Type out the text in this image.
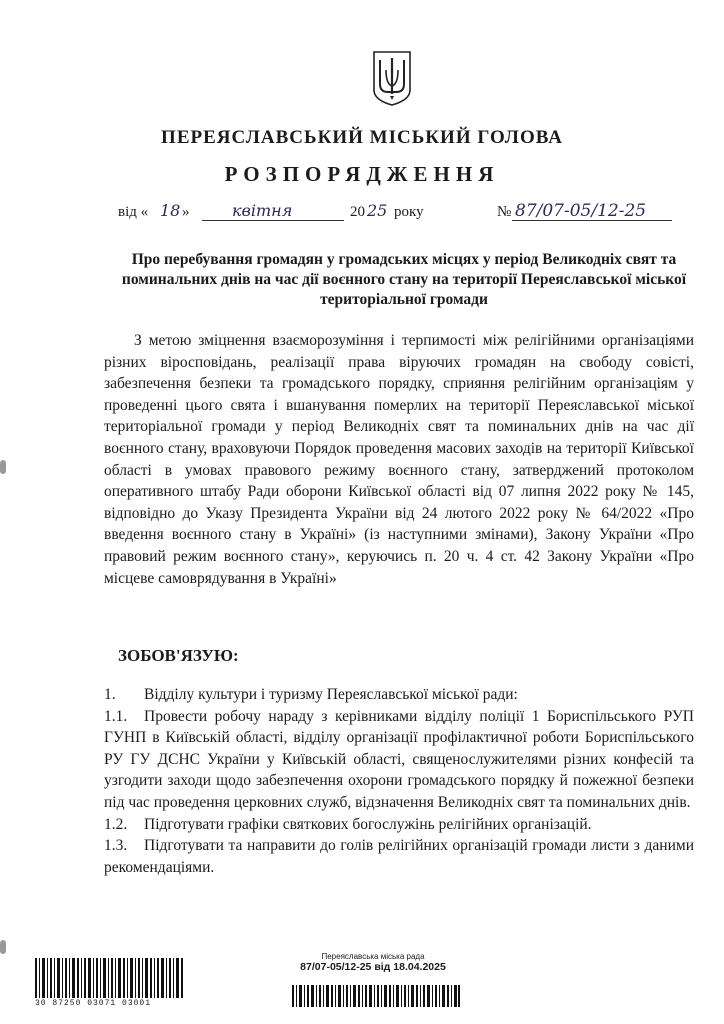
ПЕРЕЯСЛАВСЬКИЙ МІСЬКИЙ ГОЛОВА
РОЗПОРЯДЖЕННЯ
від « 18 »	квітня	20 25 року	№ 87/07-05/12-25
Про перебування громадян у громадських місцях у період Великодніх свят та поминальних днів на час дії воєнного стану на території Переяславської міської територіальної громади
З метою зміцнення взаєморозуміння і терпимості між релігійними організаціями різних віросповідань, реалізації права віруючих громадян на свободу совісті, забезпечення безпеки та громадського порядку, сприяння релігійним організаціям у проведенні цього свята і вшанування померлих на території Переяславської міської територіальної громади у період Великодніх свят та поминальних днів на час дії воєнного стану, враховуючи Порядок проведення масових заходів на території Київської області в умовах правового режиму воєнного стану, затверджений протоколом оперативного штабу Ради оборони Київської області від 07 липня 2022 року № 145, відповідно до Указу Президента України від 24 лютого 2022 року № 64/2022 «Про введення воєнного стану в Україні» (із наступними змінами), Закону України «Про правовий режим воєнного стану», керуючись п. 20 ч. 4 ст. 42 Закону України «Про місцеве самоврядування в Україні»
ЗОБОВ'ЯЗУЮ:
1. Відділу культури і туризму Переяславської міської ради:
1.1. Провести робочу нараду з керівниками відділу поліції 1 Бориспільського РУП ГУНП в Київській області, відділу організації профілактичної роботи Бориспільського РУ ГУ ДСНС України у Київській області, священослужителями різних конфесій та узгодити заходи щодо забезпечення охорони громадського порядку й пожежної безпеки під час проведення церковних служб, відзначення Великодніх свят та поминальних днів.
1.2. Підготувати графіки святкових богослужінь релігійних організацій.
1.3. Підготувати та направити до голів релігійних організацій громади листи з даними рекомендаціями.
30 87250 03071 03001
Переяславська міська рада
87/07-05/12-25 від 18.04.2025
